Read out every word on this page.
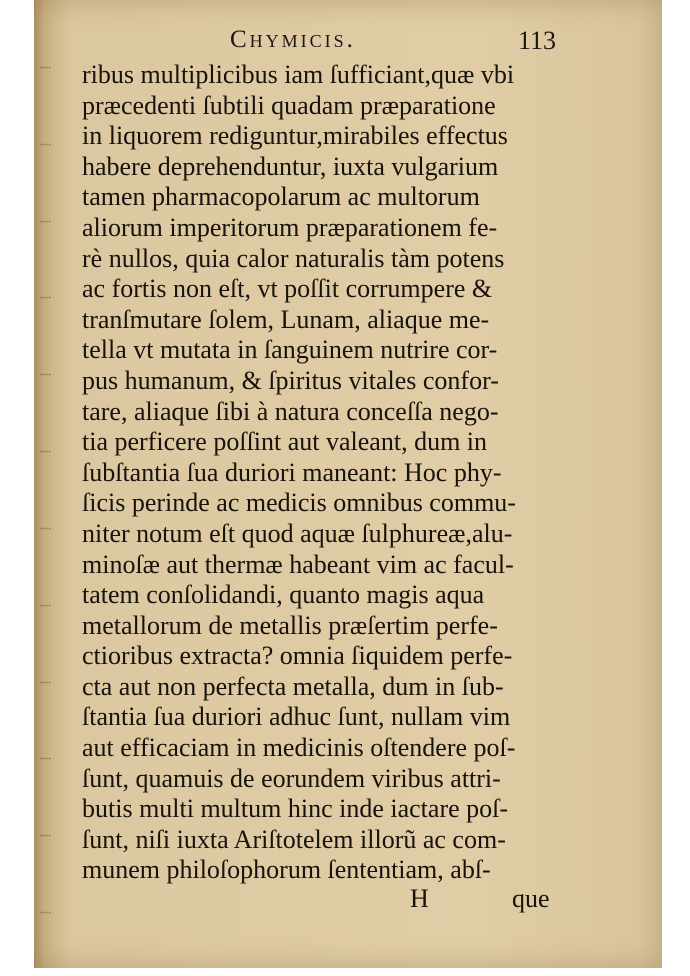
⁞
⁞
⁞
⁞
⁞
⁞
⁞
⁞
⁞
⁞
⁞
⁞
Chymicis.	113
ribus multiplicibus iam ſufficiant,quæ vbi
præcedenti ſubtili quadam præparatione
in liquorem rediguntur,mirabiles effectus
habere deprehenduntur, iuxta vulgarium
tamen pharmacopolarum ac multorum
aliorum imperitorum præparationem fe-
rè nullos, quia calor naturalis tàm potens
ac fortis non eſt, vt poſſit corrumpere &
tranſmutare ſolem, Lunam, aliaque me-
tella vt mutata in ſanguinem nutrire cor-
pus humanum, & ſpiritus vitales confor-
tare, aliaque ſibi à natura conceſſa nego-
tia perficere poſſint aut valeant, dum in
ſubſtantia ſua duriori maneant: Hoc phy-
ſicis perinde ac medicis omnibus commu-
niter notum eſt quod aquæ ſulphureæ,alu-
minoſæ aut thermæ habeant vim ac facul-
tatem conſolidandi, quanto magis aqua
metallorum de metallis præſertim perfe-
ctioribus extracta? omnia ſiquidem perfe-
cta aut non perfecta metalla, dum in ſub-
ſtantia ſua duriori adhuc ſunt, nullam vim
aut efficaciam in medicinis oſtendere poſ-
ſunt, quamuis de eorundem viribus attri-
butis multi multum hinc inde iactare poſ-
ſunt, niſi iuxta Ariſtotelem illorũ ac com-
munem philoſophorum ſententiam, abſ-
H	que
